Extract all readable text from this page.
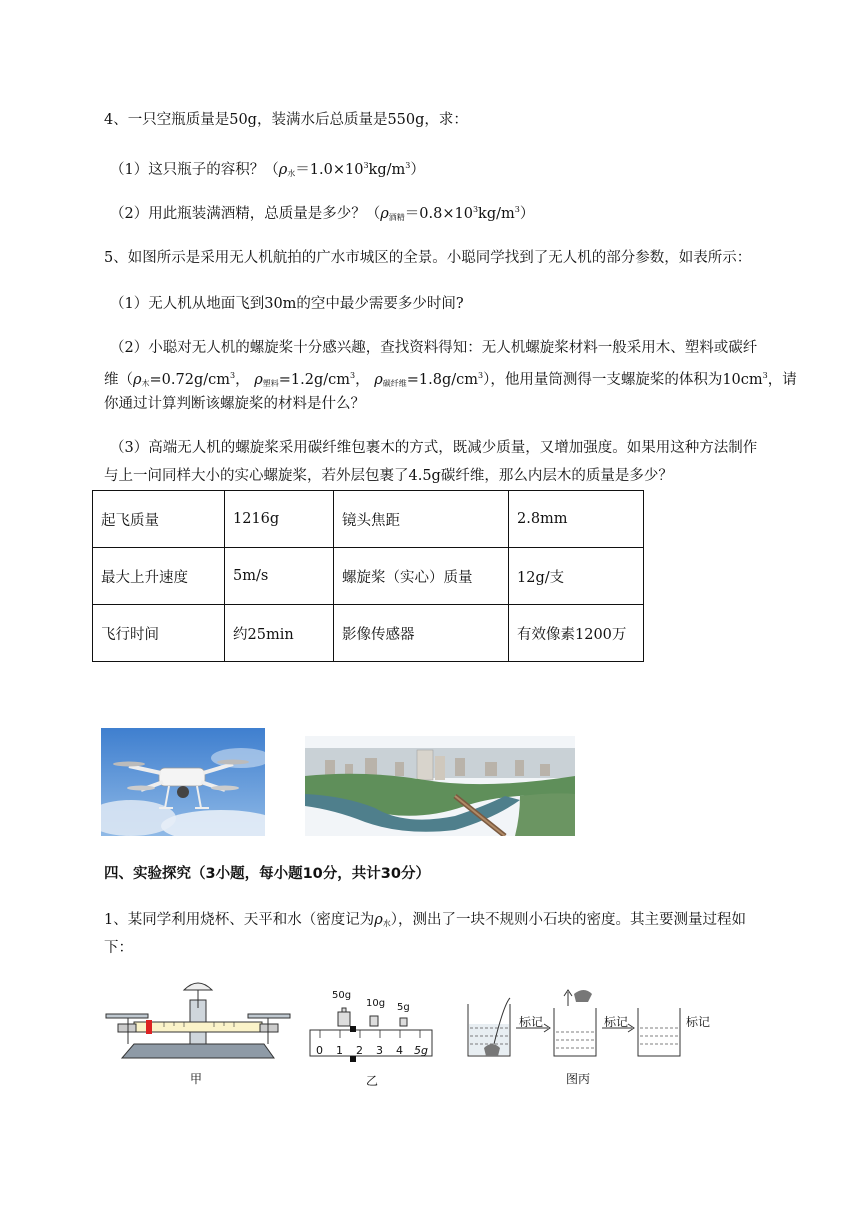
4、一只空瓶质量是50g，装满水后总质量是550g，求：
（1）这只瓶子的容积？$(\rho_水=1.0\times 10^3kg/m^3)$
（2）用此瓶装满酒精，总质量是多少？$(\rho_{酒精}=0.8\times 10^3kg/m^3)$
5、如图所示是采用无人机航拍的广水市城区的全景。小聪同学找到了无人机的部分参数，如表所示：
（1）无人机从地面飞到30m的空中最少需要多少时间?
（2）小聪对无人机的螺旋桨十分感兴趣，查找资料得知：无人机螺旋桨材料一般采用木、塑料或碳纤
维（$\rho_木=0.72g/cm^3$， $\rho_{塑料}=1.2g/cm^3$， $\rho_{碳纤维}=1.8g/cm^3$），他用量筒测得一支螺旋桨的体积为$10cm^3$，请
你通过计算判断该螺旋桨的材料是什么？
（3）高端无人机的螺旋桨采用碳纤维包裹木的方式，既减少质量，又增加强度。如果用这种方法制作
与上一问同样大小的实心螺旋桨，若外层包裹了4.5g碳纤维，那么内层木的质量是多少？
起飞质量	1216g	镜头焦距	2.8mm
最大上升速度	5m/s	螺旋桨（实心）质量	12g/支
飞行时间	约25min	影像传感器	有效像素1200万
四、实验探究（3小题，每小题10分，共计30分）
1、某同学利用烧杯、天平和水（密度记为$\rho_水$），测出了一块不规则小石块的密度。其主要测量过程如
下：
甲
50g
10g 5g
0 1 2 3 4 5g
乙
标记	标记	标记
图丙
